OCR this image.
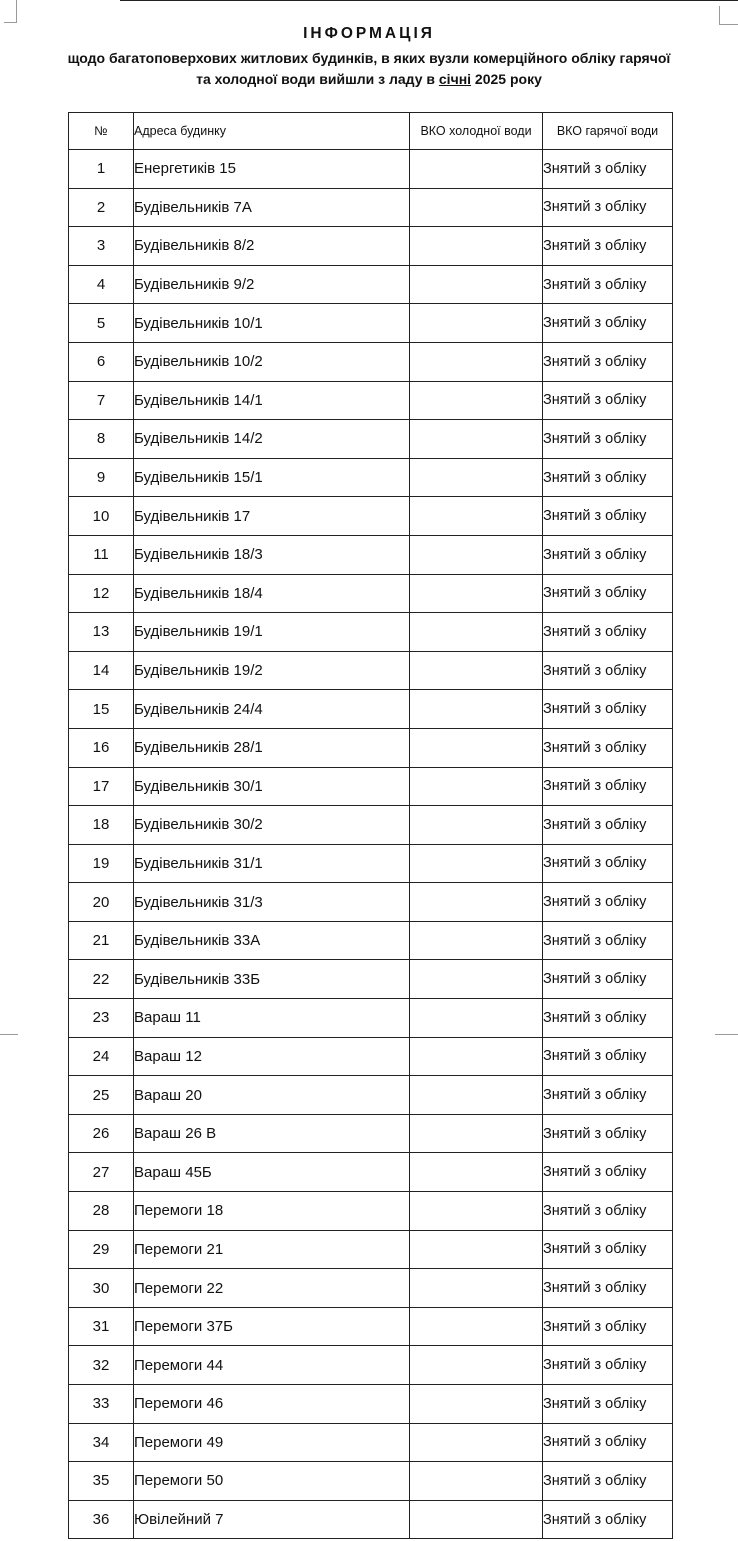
ІНФОРМАЦІЯ
щодо багатоповерхових житлових будинків, в яких вузли комерційного обліку гарячої
та холодної води вийшли з ладу в січні 2025 року
№	Адреса будинку	ВКО холодної води	ВКО гарячої води
1	Енергетиків 15		Знятий з обліку
2	Будівельників 7А		Знятий з обліку
3	Будівельників 8/2		Знятий з обліку
4	Будівельників 9/2		Знятий з обліку
5	Будівельників 10/1		Знятий з обліку
6	Будівельників 10/2		Знятий з обліку
7	Будівельників 14/1		Знятий з обліку
8	Будівельників 14/2		Знятий з обліку
9	Будівельників 15/1		Знятий з обліку
10	Будівельників 17		Знятий з обліку
11	Будівельників 18/3		Знятий з обліку
12	Будівельників 18/4		Знятий з обліку
13	Будівельників 19/1		Знятий з обліку
14	Будівельників 19/2		Знятий з обліку
15	Будівельників 24/4		Знятий з обліку
16	Будівельників 28/1		Знятий з обліку
17	Будівельників 30/1		Знятий з обліку
18	Будівельників 30/2		Знятий з обліку
19	Будівельників 31/1		Знятий з обліку
20	Будівельників 31/3		Знятий з обліку
21	Будівельників 33А		Знятий з обліку
22	Будівельників 33Б		Знятий з обліку
23	Вараш 11		Знятий з обліку
24	Вараш 12		Знятий з обліку
25	Вараш 20		Знятий з обліку
26	Вараш 26 В		Знятий з обліку
27	Вараш 45Б		Знятий з обліку
28	Перемоги 18		Знятий з обліку
29	Перемоги 21		Знятий з обліку
30	Перемоги 22		Знятий з обліку
31	Перемоги 37Б		Знятий з обліку
32	Перемоги 44		Знятий з обліку
33	Перемоги 46		Знятий з обліку
34	Перемоги 49		Знятий з обліку
35	Перемоги 50		Знятий з обліку
36	Ювілейний 7		Знятий з обліку
